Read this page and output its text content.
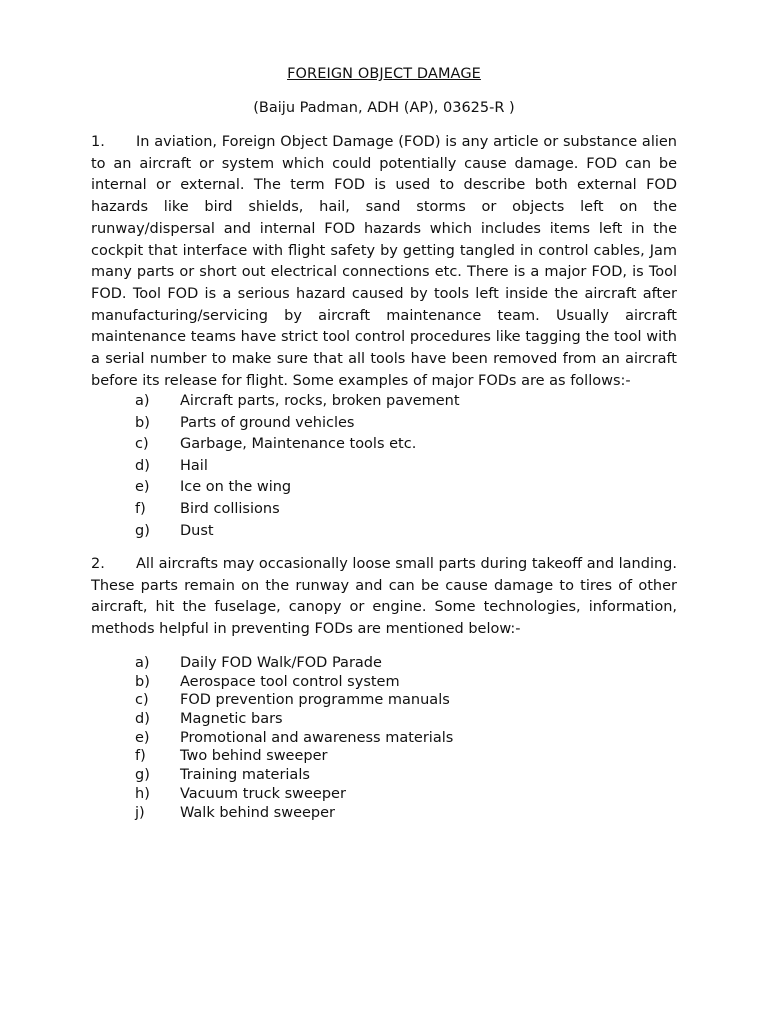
FOREIGN OBJECT DAMAGE
(Baiju Padman, ADH (AP), 03625-R )

1. In aviation, Foreign Object Damage (FOD) is any article or substance alien to an aircraft or system which could potentially cause damage. FOD can be internal or external. The term FOD is used to describe both external FOD hazards like bird shields, hail, sand storms or objects left on the runway/dispersal and internal FOD hazards which includes items left in the cockpit that interface with flight safety by getting tangled in control cables, Jam many parts or short out electrical connections etc. There is a major FOD, is Tool FOD. Tool FOD is a serious hazard caused by tools left inside the aircraft after manufacturing/servicing by aircraft maintenance team. Usually aircraft maintenance teams have strict tool control procedures like tagging the tool with a serial number to make sure that all tools have been removed from an aircraft before its release for flight. Some examples of major FODs are as follows:-

a)	Aircraft parts, rocks, broken pavement
b)	Parts of ground vehicles
c)	Garbage, Maintenance tools etc.
d)	Hail
e)	Ice on the wing
f)	Bird collisions
g)	Dust

2. All aircrafts may occasionally loose small parts during takeoff and landing. These parts remain on the runway and can be cause damage to tires of other aircraft, hit the fuselage, canopy or engine. Some technologies, information, methods helpful in preventing FODs are mentioned below:-

a)	Daily FOD Walk/FOD Parade
b)	Aerospace tool control system
c)	FOD prevention programme manuals
d)	Magnetic bars
e)	Promotional and awareness materials
f)	Two behind sweeper
g)	Training materials
h)	Vacuum truck sweeper
j)	Walk behind sweeper
